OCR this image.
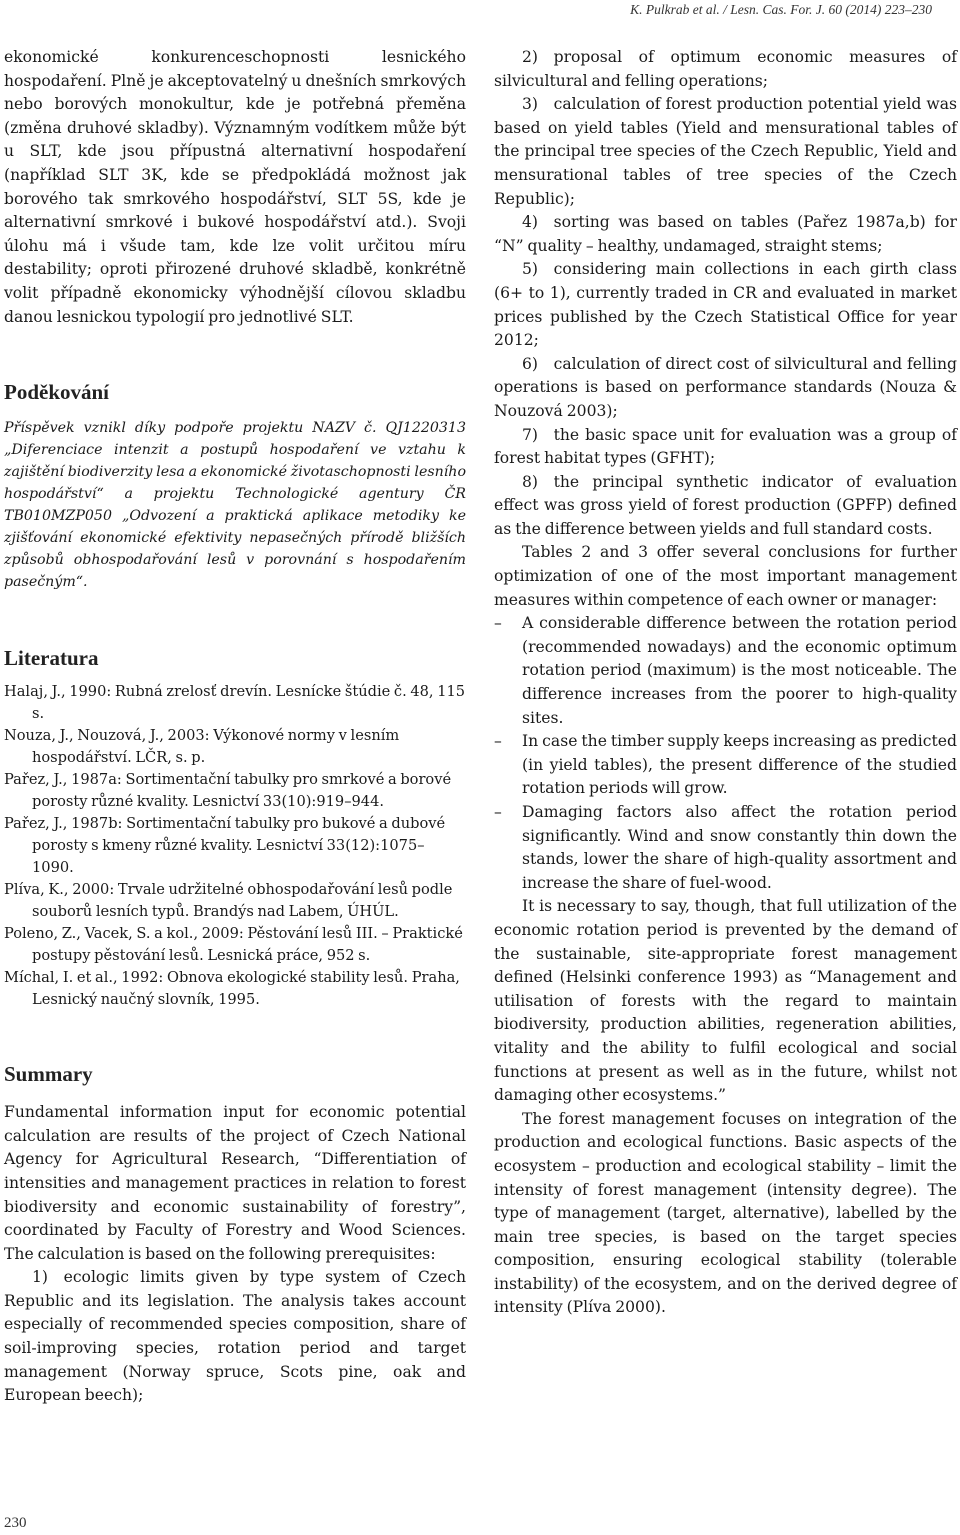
K. Pulkrab et al. / Lesn. Cas. For. J. 60 (2014) 223–230

ekonomické konkurenceschopnosti lesnického hospodaření. Plně je akceptovatelný u dnešních smrkových nebo borových monokultur, kde je potřebná přeměna (změna druhové skladby). Významným vodítkem může být u SLT, kde jsou přípustná alternativní hospodaření (například SLT 3K, kde se předpokládá možnost jak borového tak smrkového hospodářství, SLT 5S, kde je alternativní smrkové i bukové hospodářství atd.). Svoji úlohu má i všude tam, kde lze volit určitou míru destability; oproti přirozené druhové skladbě, konkrétně volit případně ekonomicky výhodnější cílovou skladbu danou lesnickou typologií pro jednotlivé SLT.

Poděkování

Příspěvek vznikl díky podpoře projektu NAZV č. QJ1220313 „Diferenciace intenzit a postupů hospodaření ve vztahu k zajištění biodiverzity lesa a ekonomické životaschopnosti lesního hospodářství“ a projektu Technologické agentury ČR TB010MZP050 „Odvození a praktická aplikace metodiky ke zjišťování ekonomické efektivity nepasečných přírodě bližších způsobů obhospodařování lesů v porovnání s hospodařením pasečným“.

Literatura

Halaj, J., 1990: Rubná zrelosť drevín. Lesnícke štúdie č. 48, 115 s.

Nouza, J., Nouzová, J., 2003: Výkonové normy v lesním hospodářství. LČR, s. p.

Pařez, J., 1987a: Sortimentační tabulky pro smrkové a borové porosty různé kvality. Lesnictví 33(10):919–944.

Pařez, J., 1987b: Sortimentační tabulky pro bukové a dubové porosty s kmeny různé kvality. Lesnictví 33(12):1075–1090.

Plíva, K., 2000: Trvale udržitelné obhospodařování lesů podle souborů lesních typů. Brandýs nad Labem, ÚHÚL.

Poleno, Z., Vacek, S. a kol., 2009: Pěstování lesů III. – Praktické postupy pěstování lesů. Lesnická práce, 952 s.

Míchal, I. et al., 1992: Obnova ekologické stability lesů. Praha, Lesnický naučný slovník, 1995.

Summary

Fundamental information input for economic potential calculation are results of the project of Czech National Agency for Agricultural Research, “Differentiation of intensities and management practices in relation to forest biodiversity and economic sustainability of forestry”, coordinated by Faculty of Forestry and Wood Sciences. The calculation is based on the following prerequisites:

1) ecologic limits given by type system of Czech Republic and its legislation. The analysis takes account especially of recommended species composition, share of soil-improving species, rotation period and target management (Norway spruce, Scots pine, oak and European beech);

2) proposal of optimum economic measures of silvicultural and felling operations;

3) calculation of forest production potential yield was based on yield tables (Yield and mensurational tables of the principal tree species of the Czech Republic, Yield and mensurational tables of tree species of the Czech Republic);

4) sorting was based on tables (Pařez 1987a,b) for “N” quality – healthy, undamaged, straight stems;

5) considering main collections in each girth class (6+ to 1), currently traded in CR and evaluated in market prices published by the Czech Statistical Office for year 2012;

6) calculation of direct cost of silvicultural and felling operations is based on performance standards (Nouza & Nouzová 2003);

7) the basic space unit for evaluation was a group of forest habitat types (GFHT);

8) the principal synthetic indicator of evaluation effect was gross yield of forest production (GPFP) defined as the difference between yields and full standard costs.

Tables 2 and 3 offer several conclusions for further optimization of one of the most important management measures within competence of each owner or manager:

– A considerable difference between the rotation period (recommended nowadays) and the economic optimum rotation period (maximum) is the most noticeable. The difference increases from the poorer to high-quality sites.
– In case the timber supply keeps increasing as predicted (in yield tables), the present difference of the studied rotation periods will grow.
– Damaging factors also affect the rotation period significantly. Wind and snow constantly thin down the stands, lower the share of high-quality assortment and increase the share of fuel-wood.

It is necessary to say, though, that full utilization of the economic rotation period is prevented by the demand of the sustainable, site-appropriate forest management defined (Helsinki conference 1993) as “Management and utilisation of forests with the regard to maintain biodiversity, production abilities, regeneration abilities, vitality and the ability to fulfil ecological and social functions at present as well as in the future, whilst not damaging other ecosystems.”

The forest management focuses on integration of the production and ecological functions. Basic aspects of the ecosystem – production and ecological stability – limit the intensity of forest management (intensity degree). The type of management (target, alternative), labelled by the main tree species, is based on the target species composition, ensuring ecological stability (tolerable instability) of the ecosystem, and on the derived degree of intensity (Plíva 2000).

230
